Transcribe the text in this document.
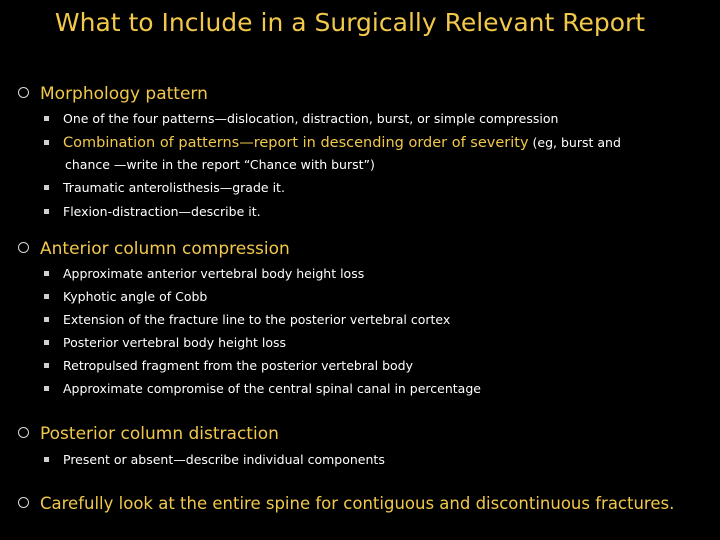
What to Include in a Surgically Relevant Report
Morphology pattern
One of the four patterns—dislocation, distraction, burst, or simple compression
Combination of patterns—report in descending order of severity (eg, burst and
chance —write in the report “Chance with burst”)
Traumatic anterolisthesis—grade it.
Flexion-distraction—describe it.
Anterior column compression
Approximate anterior vertebral body height loss
Kyphotic angle of Cobb
Extension of the fracture line to the posterior vertebral cortex
Posterior vertebral body height loss
Retropulsed fragment from the posterior vertebral body
Approximate compromise of the central spinal canal in percentage
Posterior column distraction
Present or absent—describe individual components
Carefully look at the entire spine for contiguous and discontinuous fractures.
